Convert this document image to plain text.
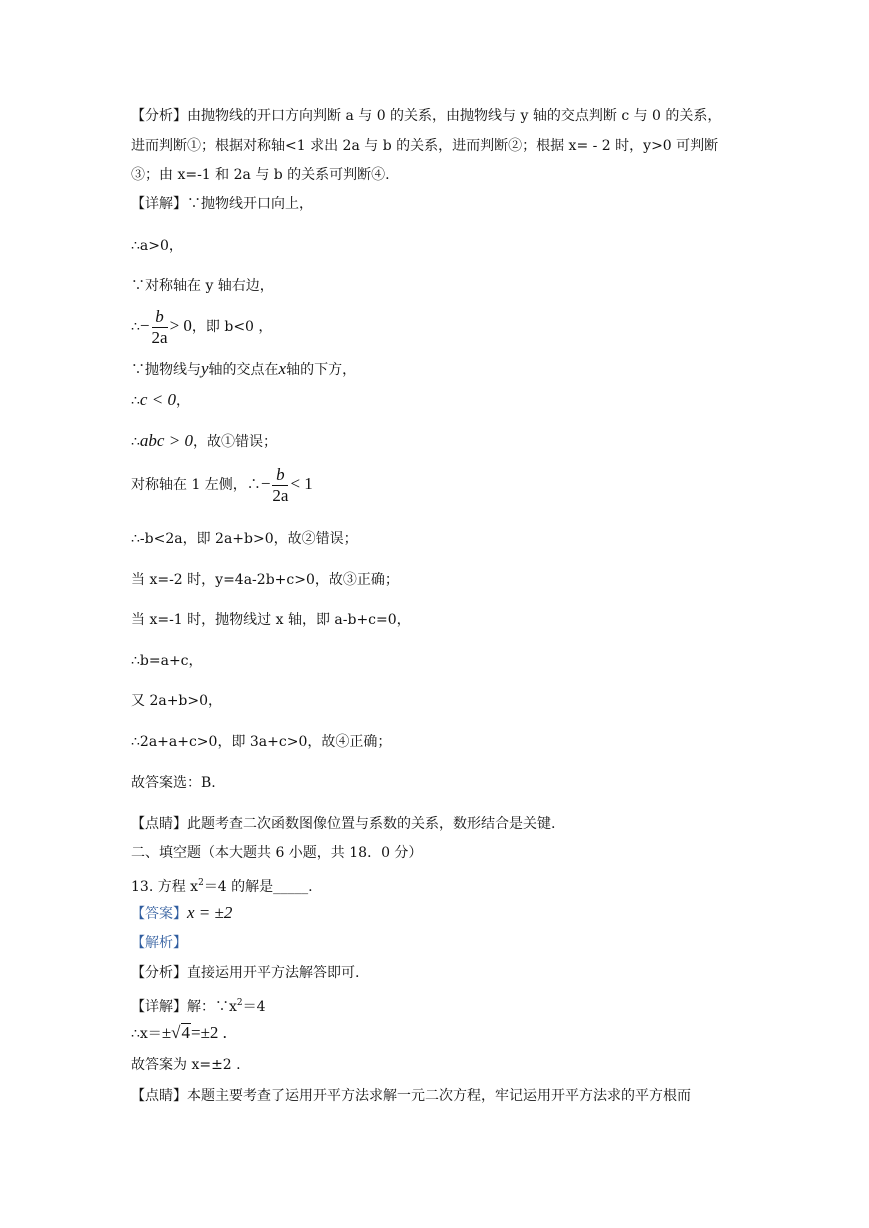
【分析】由抛物线的开口方向判断 a 与 0 的关系，由抛物线与 y 轴的交点判断 c 与 0 的关系，
进而判断①；根据对称轴<1 求出 2a 与 b 的关系，进而判断②；根据 x= - 2 时，y>0 可判断
③；由 x=-1 和 2a 与 b 的关系可判断④.
【详解】∵抛物线开口向上，
∴a>0，
∵对称轴在 y 轴右边，
∴− $\frac{b}{2a} > 0$，即 b<0 ，
∵抛物线与y轴的交点在x轴的下方，
∴c < 0，
∴abc > 0，故①错误；
对称轴在 1 左侧，∴− $\frac{b}{2a} < 1$
∴-b<2a，即 2a+b>0，故②错误；
当 x=-2 时，y=4a-2b+c>0，故③正确；
当 x=-1 时，抛物线过 x 轴，即 a-b+c=0，
∴b=a+c，
又 2a+b>0，
∴2a+a+c>0，即 3a+c>0，故④正确；
故答案选：B.
【点睛】此题考查二次函数图像位置与系数的关系，数形结合是关键.
二、填空题（本大题共 6 小题，共 18．0 分）
13. 方程 $x^2=4$ 的解是_____.
【答案】x = ±2
【解析】
【分析】直接运用开平方法解答即可.
【详解】解：$\because x^2=4$
∴x＝±√4=±2 .
故答案为 x=±2 .
【点睛】本题主要考查了运用开平方法求解一元二次方程，牢记运用开平方法求的平方根而
